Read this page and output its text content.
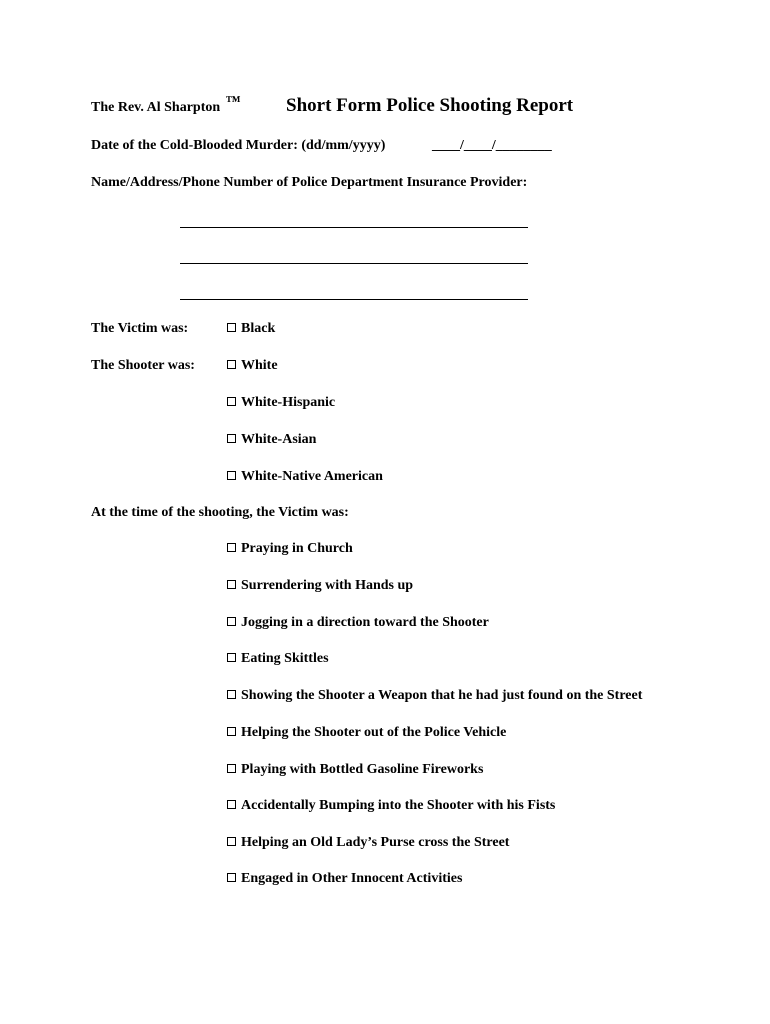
The Rev. Al Sharpton ™ Short Form Police Shooting Report
Date of the Cold-Blooded Murder: (dd/mm/yyyy)	____/____/________
Name/Address/Phone Number of Police Department Insurance Provider:
The Victim was:	Black
The Shooter was:	White
White-Hispanic
White-Asian
White-Native American
At the time of the shooting, the Victim was:
Praying in Church
Surrendering with Hands up
Jogging in a direction toward the Shooter
Eating Skittles
Showing the Shooter a Weapon that he had just found on the Street
Helping the Shooter out of the Police Vehicle
Playing with Bottled Gasoline Fireworks
Accidentally Bumping into the Shooter with his Fists
Helping an Old Lady’s Purse cross the Street
Engaged in Other Innocent Activities
